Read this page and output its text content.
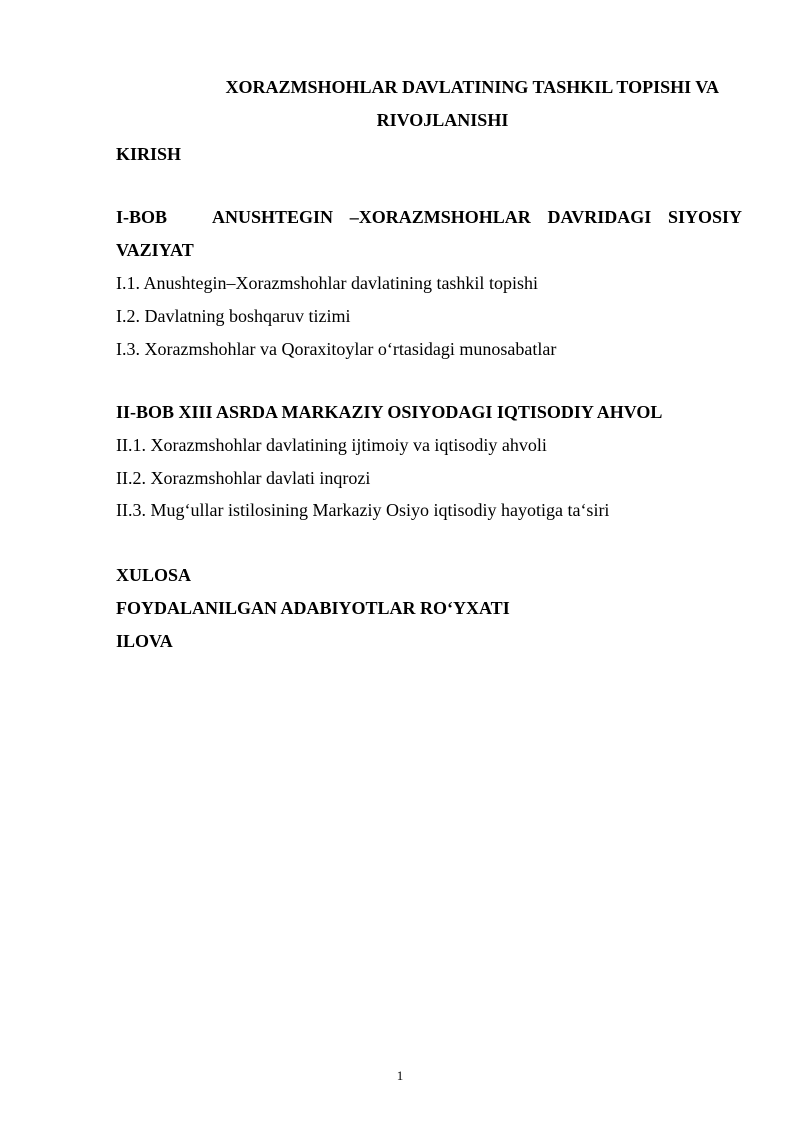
XORAZMSHOHLAR DAVLATINING TASHKIL TOPISHI VA
RIVOJLANISHI
KIRISH
I-BOB	ANUSHTEGIN –XORAZMSHOHLAR DAVRIDAGI SIYOSIY
VAZIYAT
I.1. Anushtegin–Xorazmshohlar davlatining tashkil topishi
I.2. Davlatning boshqaruv tizimi
I.3. Xorazmshohlar va Qoraxitoylar o‘rtasidagi munosabatlar
II-BOB XIII ASRDA MARKAZIY OSIYODAGI IQTISODIY AHVOL
II.1. Xorazmshohlar davlatining ijtimoiy va iqtisodiy ahvoli
II.2. Xorazmshohlar davlati inqrozi
II.3. Mug‘ullar istilosining Markaziy Osiyo iqtisodiy hayotiga ta‘siri
XULOSA
FOYDALANILGAN ADABIYOTLAR RO‘YXATI
ILOVA
1
